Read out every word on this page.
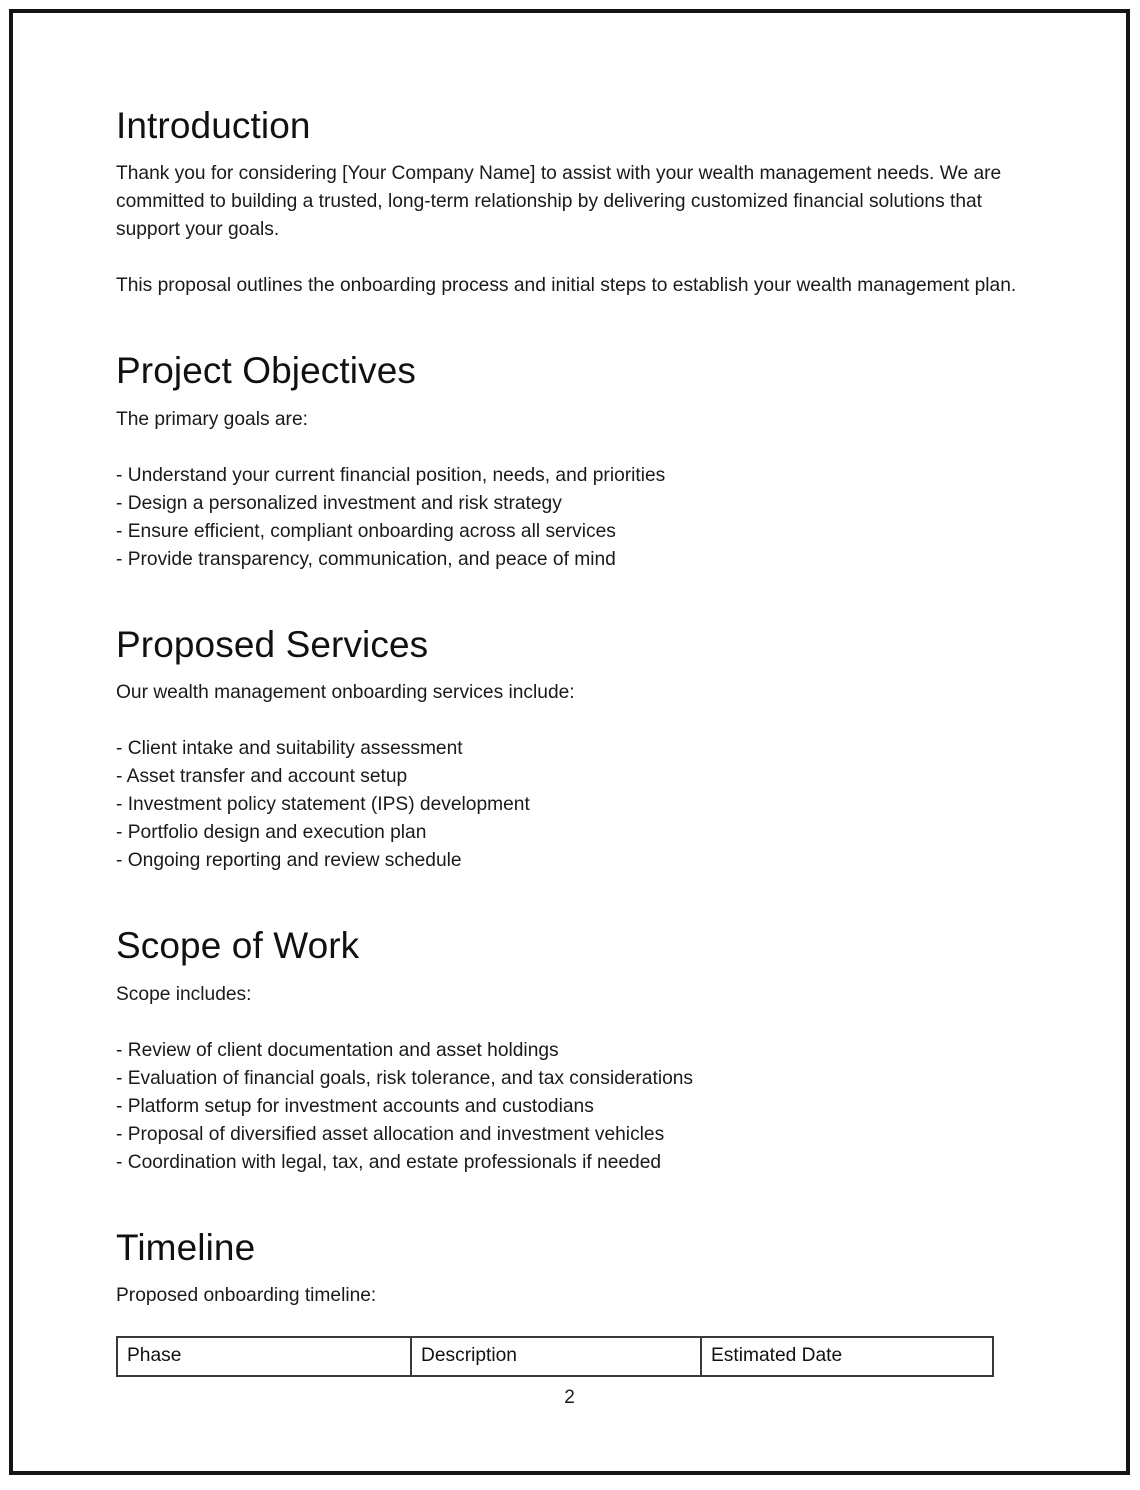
Introduction

Thank you for considering [Your Company Name] to assist with your wealth management needs. We are committed to building a trusted, long-term relationship by delivering customized financial solutions that support your goals.

This proposal outlines the onboarding process and initial steps to establish your wealth management plan.

Project Objectives

The primary goals are:

- Understand your current financial position, needs, and priorities
- Design a personalized investment and risk strategy
- Ensure efficient, compliant onboarding across all services
- Provide transparency, communication, and peace of mind
Proposed Services

Our wealth management onboarding services include:

- Client intake and suitability assessment
- Asset transfer and account setup
- Investment policy statement (IPS) development
- Portfolio design and execution plan
- Ongoing reporting and review schedule
Scope of Work

Scope includes:

- Review of client documentation and asset holdings
- Evaluation of financial goals, risk tolerance, and tax considerations
- Platform setup for investment accounts and custodians
- Proposal of diversified asset allocation and investment vehicles
- Coordination with legal, tax, and estate professionals if needed
Timeline

Proposed onboarding timeline:

Phase	Description	Estimated Date
2
